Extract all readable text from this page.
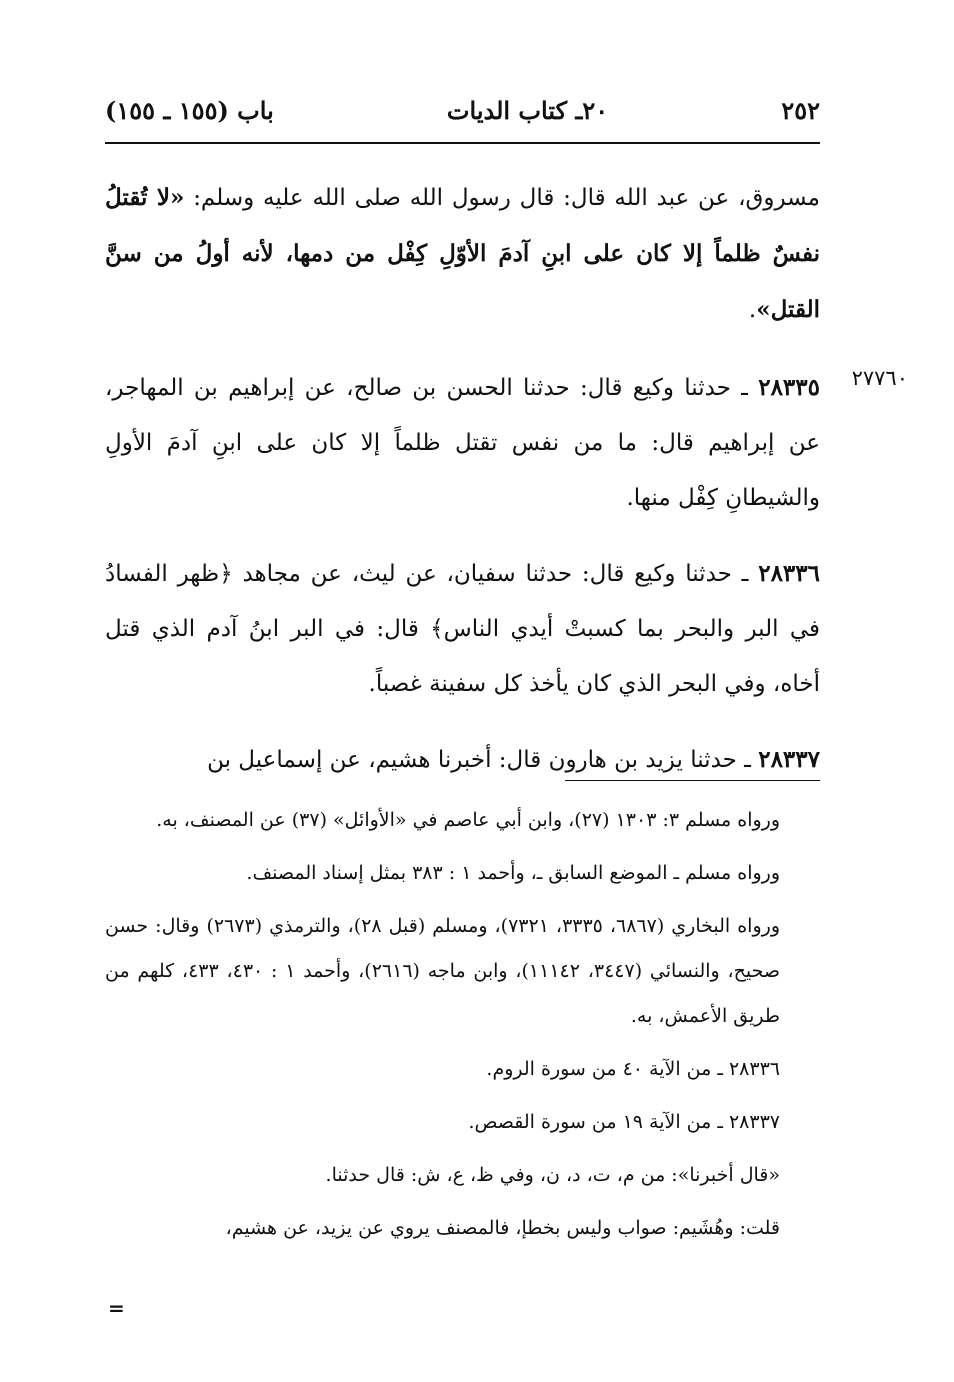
٢٥٢
٢٠ـ كتاب الديات
باب (١٥٥ ـ ١٥٥)

مسروق، عن عبد الله قال: قال رسول الله صلى الله عليه وسلم: «لا تُقتلُ نفسٌ ظلماً إلا كان على ابنِ آدمَ الأوّلِ كِفْل من دمها، لأنه أولُ من سنَّ القتل».

٢٨٣٣٥ ـ حدثنا وكيع قال: حدثنا الحسن بن صالح، عن إبراهيم بن المهاجر، عن إبراهيم قال: ما من نفس تقتل ظلماً إلا كان على ابنِ آدمَ الأولِ والشيطانِ كِفْل منها.

٢٨٣٣٦ ـ حدثنا وكيع قال: حدثنا سفيان، عن ليث، عن مجاهد ﴿ظهر الفسادُ في البر والبحر بما كسبتْ أيدي الناس﴾ قال: في البر ابنُ آدم الذي قتل أخاه، وفي البحر الذي كان يأخذ كل سفينة غصباً.

٢٨٣٣٧ ـ حدثنا يزيد بن هارون قال: أخبرنا هشيم، عن إسماعيل بن

٢٧٧٦٠

ورواه مسلم ٣: ١٣٠٣ (٢٧)، وابن أبي عاصم في «الأوائل» (٣٧) عن المصنف، به.

ورواه مسلم ـ الموضع السابق ـ، وأحمد ١ : ٣٨٣ بمثل إسناد المصنف.

ورواه البخاري (٦٨٦٧، ٣٣٣٥، ٧٣٢١)، ومسلم (قبل ٢٨)، والترمذي (٢٦٧٣) وقال: حسن صحيح، والنسائي (٣٤٤٧، ١١١٤٢)، وابن ماجه (٢٦١٦)، وأحمد ١ : ٤٣٠، ٤٣٣، كلهم من طريق الأعمش، به.

٢٨٣٣٦ ـ من الآية ٤٠ من سورة الروم.

٢٨٣٣٧ ـ من الآية ١٩ من سورة القصص.

«قال أخبرنا»: من م، ت، د، ن، وفي ظ، ع، ش: قال حدثنا.

قلت: وهُشَيم: صواب وليس بخطإ، فالمصنف يروي عن يزيد، عن هشيم،

=
